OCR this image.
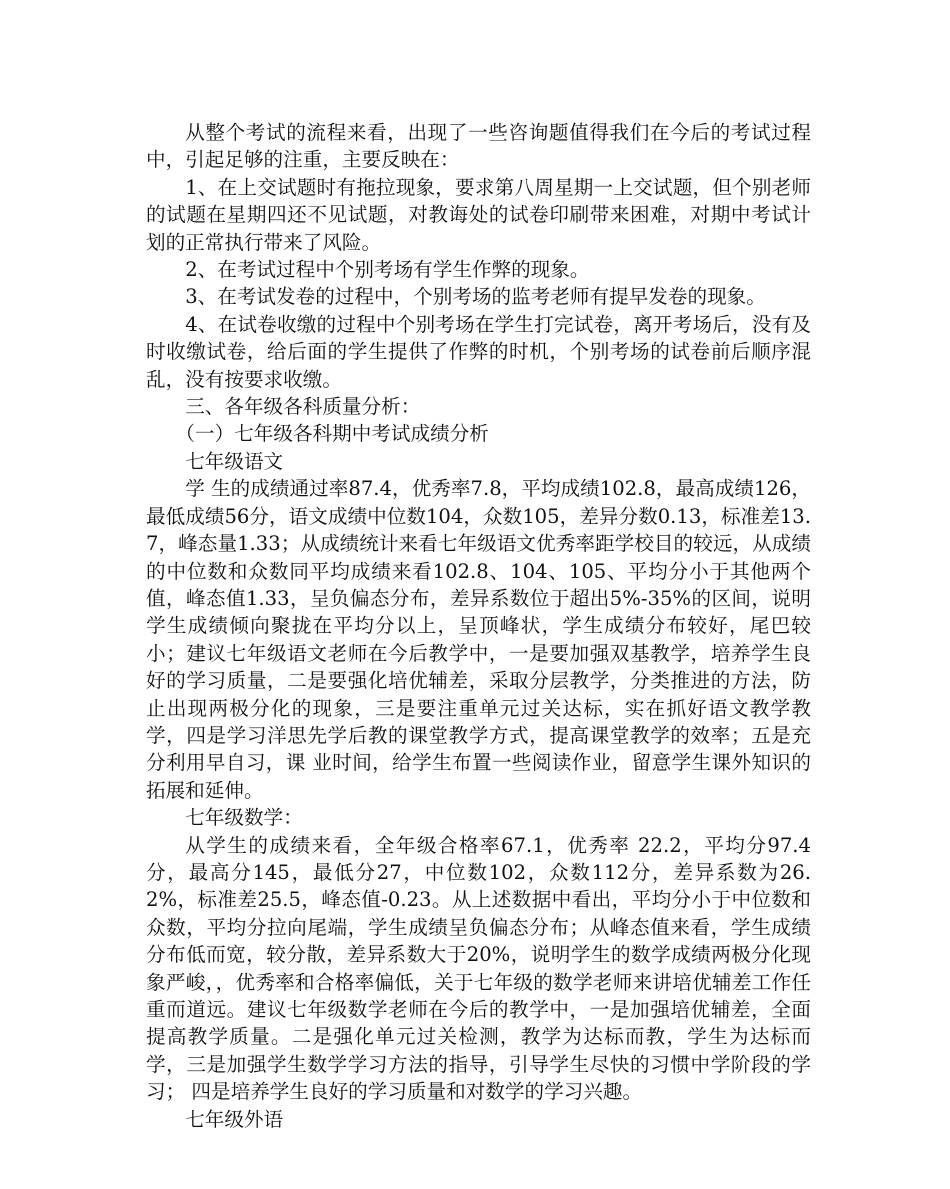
从整个考试的流程来看，出现了一些咨询题值得我们在今后的考试过程中，引起足够的注重，主要反映在：

1、在上交试题时有拖拉现象，要求第八周星期一上交试题，但个别老师的试题在星期四还不见试题，对教诲处的试卷印刷带来困难，对期中考试计划的正常执行带来了风险。

2、在考试过程中个别考场有学生作弊的现象。

3、在考试发卷的过程中，个别考场的监考老师有提早发卷的现象。

4、在试卷收缴的过程中个别考场在学生打完试卷，离开考场后，没有及时收缴试卷，给后面的学生提供了作弊的时机，个别考场的试卷前后顺序混乱，没有按要求收缴。

三、各年级各科质量分析：

（一）七年级各科期中考试成绩分析

七年级语文

学 生的成绩通过率87.4，优秀率7.8，平均成绩102.8，最高成绩126，最低成绩56分，语文成绩中位数104，众数105，差异分数0.13，标准差13.7，峰态量1.33；从成绩统计来看七年级语文优秀率距学校目的较远，从成绩的中位数和众数同平均成绩来看102.8、104、105、平均分小于其他两个值，峰态值1.33，呈负偏态分布，差异系数位于超出5%-35%的区间，说明学生成绩倾向聚拢在平均分以上，呈顶峰状，学生成绩分布较好，尾巴较小；建议七年级语文老师在今后教学中，一是要加强双基教学，培养学生良好的学习质量，二是要强化培优辅差，采取分层教学，分类推进的方法，防止出现两极分化的现象，三是要注重单元过关达标，实在抓好语文教学教学，四是学习洋思先学后教的课堂教学方式，提高课堂教学的效率；五是充分利用早自习，课 业时间，给学生布置一些阅读作业，留意学生课外知识的拓展和延伸。

七年级数学：

从学生的成绩来看，全年级合格率67.1，优秀率 22.2，平均分97.4分，最高分145，最低分27，中位数102，众数112分，差异系数为26.2%，标准差25.5，峰态值-0.23。从上述数据中看出，平均分小于中位数和众数，平均分拉向尾端，学生成绩呈负偏态分布；从峰态值来看，学生成绩分布低而宽，较分散，差异系数大于20%，说明学生的数学成绩两极分化现象严峻，，优秀率和合格率偏低，关于七年级的数学老师来讲培优辅差工作任重而道远。建议七年级数学老师在今后的教学中，一是加强培优辅差，全面提高教学质量。二是强化单元过关检测，教学为达标而教，学生为达标而学，三是加强学生数学学习方法的指导，引导学生尽快的习惯中学阶段的学习； 四是培养学生良好的学习质量和对数学的学习兴趣。

七年级外语
